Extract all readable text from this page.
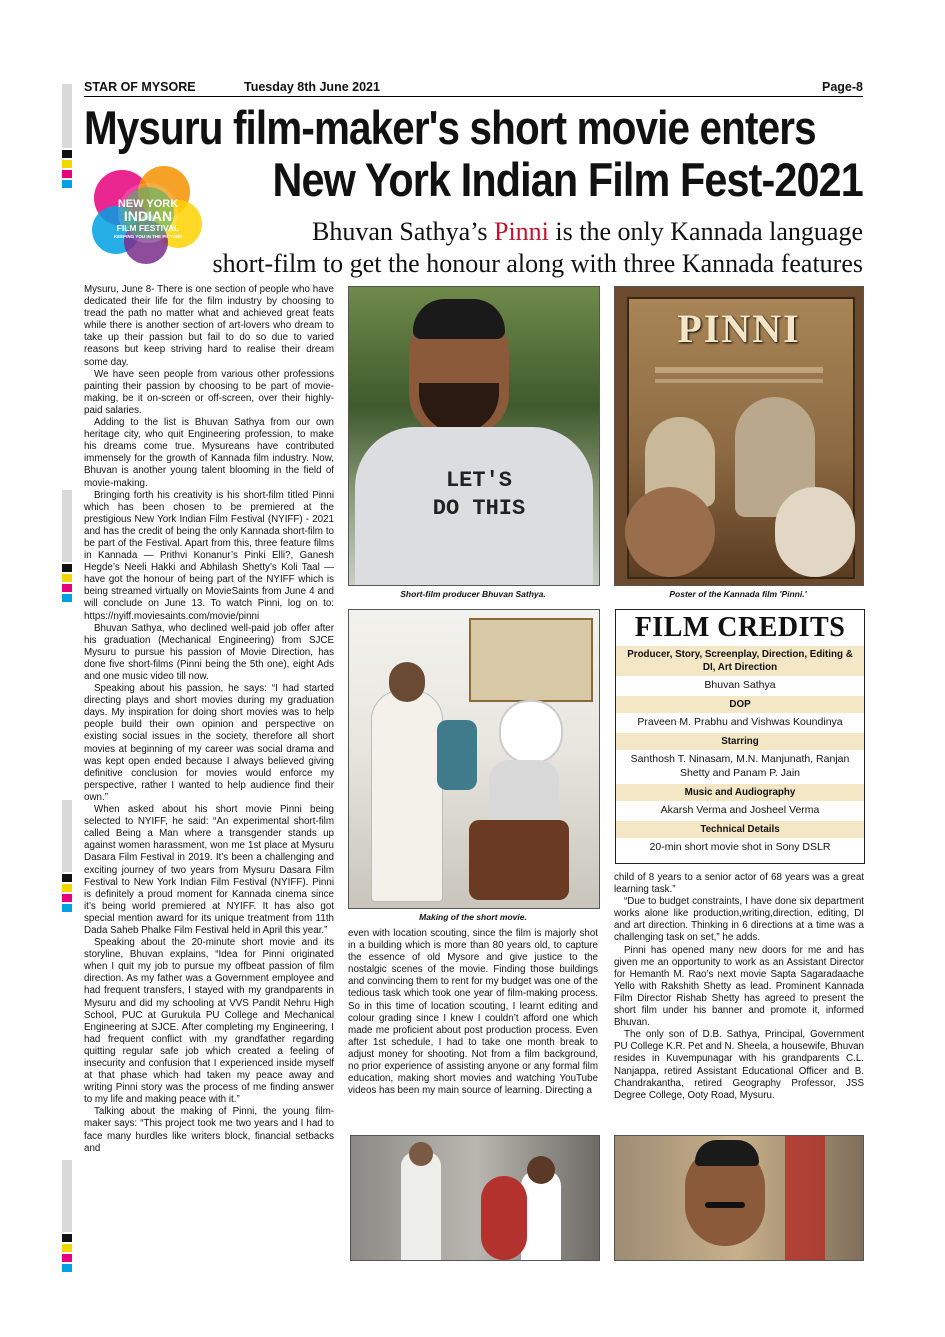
STAR OF MYSORE	Tuesday 8th June 2021	Page-8
Mysuru film-maker's short movie enters
New York Indian Film Fest-2021
NEW YORK
INDIAN
FILM FESTIVAL
KEEPING YOU IN THE PICTURE	Bhuvan Sathya’s Pinni is the only Kannada language
short-film to get the honour along with three Kannada features

Mysuru, June 8- There is one section of people who have dedicated their life for the film industry by choosing to tread the path no matter what and achieved great feats while there is another section of art-lovers who dream to take up their passion but fail to do so due to varied reasons but keep striving hard to realise their dream some day.

We have seen people from various other professions painting their passion by choosing to be part of movie-making, be it on-screen or off-screen, over their highly-paid salaries.

Adding to the list is Bhuvan Sathya from our own heritage city, who quit Engineering profession, to make his dreams come true. Mysureans have contributed immensely for the growth of Kannada film industry. Now, Bhuvan is another young talent blooming in the field of movie-making.

Bringing forth his creativity is his short-film titled Pinni which has been chosen to be premiered at the prestigious New York Indian Film Festival (NYIFF) - 2021 and has the credit of being the only Kannada short-film to be part of the Festival. Apart from this, three feature films in Kannada — Prithvi Konanur’s Pinki Elli?, Ganesh Hegde’s Neeli Hakki and Abhilash Shetty’s Koli Taal — have got the honour of being part of the NYIFF which is being streamed virtually on MovieSaints from June 4 and will conclude on June 13. To watch Pinni, log on to: https://nyiff.moviesaints.com/movie/pinni

Bhuvan Sathya, who declined well-paid job offer after his graduation (Mechanical Engineering) from SJCE Mysuru to pursue his passion of Movie Direction, has done five short-films (Pinni being the 5th one), eight Ads and one music video till now.

Speaking about his passion, he says: “I had started directing plays and short movies during my graduation days. My inspiration for doing short movies was to help people build their own opinion and perspective on existing social issues in the society, therefore all short movies at beginning of my career was social drama and was kept open ended because I always believed giving definitive conclusion for movies would enforce my perspective, rather I wanted to help audience find their own.”

When asked about his short movie Pinni being selected to NYIFF, he said: “An experimental short-film called Being a Man where a transgender stands up against women harassment, won me 1st place at Mysuru Dasara Film Festival in 2019. It’s been a challenging and exciting journey of two years from Mysuru Dasara Film Festival to New York Indian Film Festival (NYIFF). Pinni is definitely a proud moment for Kannada cinema since it’s being world premiered at NYIFF. It has also got special mention award for its unique treatment from 11th Dada Saheb Phalke Film Festival held in April this year.”

Speaking about the 20-minute short movie and its storyline, Bhuvan explains, “Idea for Pinni originated when I quit my job to pursue my offbeat passion of film direction. As my father was a Government employee and had frequent transfers, I stayed with my grandparents in Mysuru and did my schooling at VVS Pandit Nehru High School, PUC at Gurukula PU College and Mechanical Engineering at SJCE. After completing my Engineering, I had frequent conflict with my grandfather regarding quitting regular safe job which created a feeling of insecurity and confusion that I experienced inside myself at that phase which had taken my peace away and writing Pinni story was the process of me finding answer to my life and making peace with it.”

Talking about the making of Pinni, the young film-maker says: “This project took me two years and I had to face many hurdles like writers block, financial setbacks and

LET'S
DO THIS
Short-film producer Bhuvan Sathya.
PINNI
Poster of the Kannada film 'Pinni.'
Making of the short movie.
FILM CREDITS
Producer, Story, Screenplay, Direction, Editing & DI, Art Direction
Bhuvan Sathya
DOP
Praveen M. Prabhu and Vishwas Koundinya
Starring
Santhosh T. Ninasam, M.N. Manjunath, Ranjan Shetty and Panam P. Jain
Music and Audiography
Akarsh Verma and Josheel Verma
Technical Details
20-min short movie shot in Sony DSLR

even with location scouting, since the film is majorly shot in a building which is more than 80 years old, to capture the essence of old Mysore and give justice to the nostalgic scenes of the movie. Finding those buildings and convincing them to rent for my budget was one of the tedious task which took one year of film-making process. So in this time of location scouting, I learnt editing and colour grading since I knew I couldn’t afford one which made me proficient about post production process. Even after 1st schedule, I had to take one month break to adjust money for shooting. Not from a film background, no prior experience of assisting anyone or any formal film education, making short movies and watching YouTube videos has been my main source of learning. Directing a

child of 8 years to a senior actor of 68 years was a great learning task.”

“Due to budget constraints, I have done six department works alone like production,writing,direction, editing, DI and art direction. Thinking in 6 directions at a time was a challenging task on set,” he adds.

Pinni has opened many new doors for me and has given me an opportunity to work as an Assistant Director for Hemanth M. Rao’s next movie Sapta Sagaradaache Yello with Rakshith Shetty as lead. Prominent Kannada Film Director Rishab Shetty has agreed to present the short film under his banner and promote it, informed Bhuvan.

The only son of D.B. Sathya, Principal, Government PU College K.R. Pet and N. Sheela, a housewife, Bhuvan resides in Kuvempunagar with his grandparents C.L. Nanjappa, retired Assistant Educational Officer and B. Chandrakantha, retired Geography Professor, JSS Degree College, Ooty Road, Mysuru.
